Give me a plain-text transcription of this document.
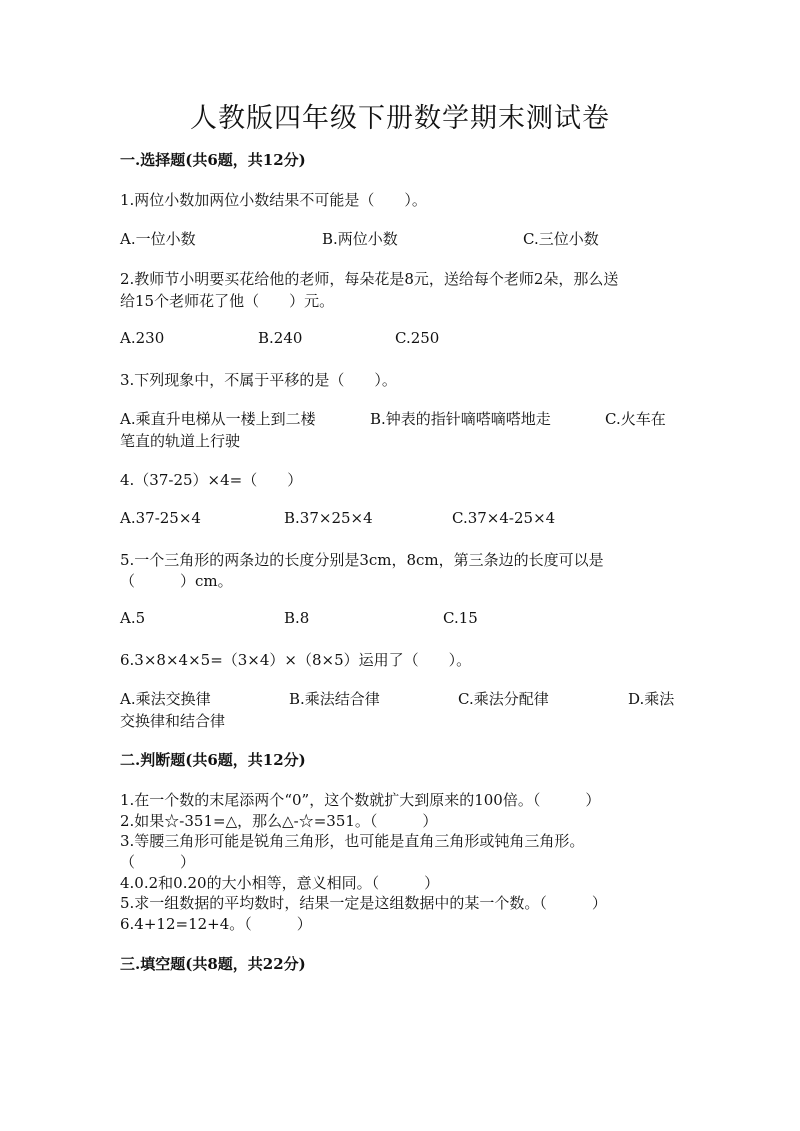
人教版四年级下册数学期末测试卷
一.选择题(共6题，共12分)
1.两位小数加两位小数结果不可能是（　　）。
A.一位小数	B.两位小数	C.三位小数
2.教师节小明要买花给他的老师，每朵花是8元，送给每个老师2朵，那么送
给15个老师花了他（　　）元。
A.230	B.240	C.250
3.下列现象中，不属于平移的是（　　）。
A.乘直升电梯从一楼上到二楼	B.钟表的指针嘀嗒嘀嗒地走	C.火车在
笔直的轨道上行驶
4.（37-25）×4=（　　）
A.37-25×4	B.37×25×4	C.37×4-25×4
5.一个三角形的两条边的长度分别是3cm，8cm，第三条边的长度可以是
（　　　）cm。
A.5	B.8	C.15
6.3×8×4×5=（3×4）×（8×5）运用了（　　）。
A.乘法交换律	B.乘法结合律	C.乘法分配律	D.乘法
交换律和结合律
二.判断题(共6题，共12分)
1.在一个数的末尾添两个“0”，这个数就扩大到原来的100倍。（　　　）
2.如果☆-351=△，那么△-☆=351。（　　　）
3.等腰三角形可能是锐角三角形，也可能是直角三角形或钝角三角形。
（　　　）
4.0.2和0.20的大小相等，意义相同。（　　　）
5.求一组数据的平均数时，结果一定是这组数据中的某一个数。（　　　）
6.4+12=12+4。（　　　）
三.填空题(共8题，共22分)
